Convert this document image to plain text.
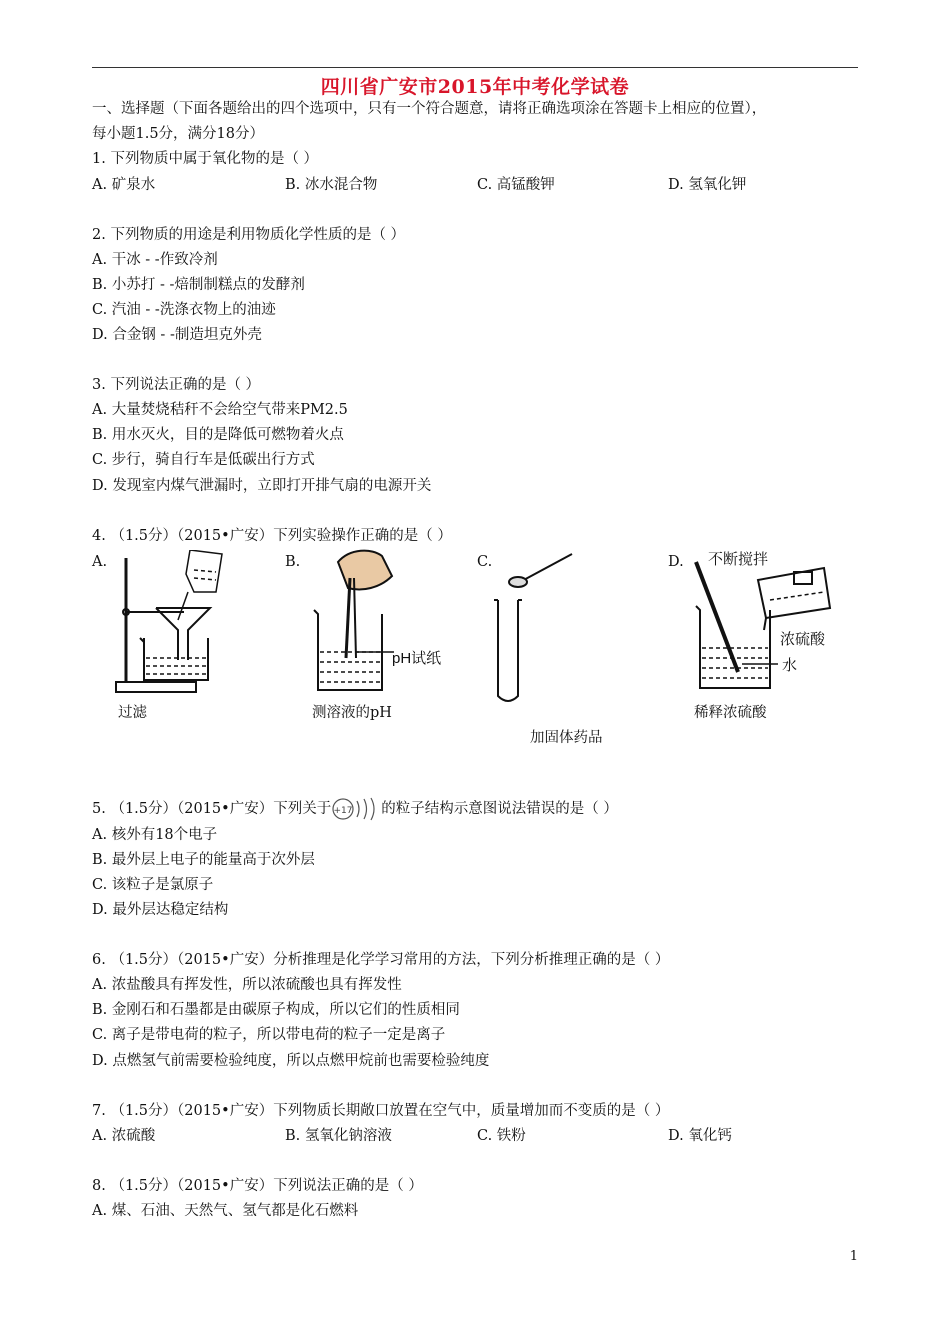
四川省广安市2015年中考化学试卷
一、选择题（下面各题给出的四个选项中，只有一个符合题意，请将正确选项涂在答题卡上相应的位置），
每小题1.5分，满分18分）
1. 下列物质中属于氧化物的是（ ）
A. 矿泉水	B. 冰水混合物	C. 高锰酸钾	D. 氢氧化钾
2. 下列物质的用途是利用物质化学性质的是（ ）
A. 干冰 - -作致冷剂
B. 小苏打 - -焙制制糕点的发酵剂
C. 汽油 - -洗涤衣物上的油迹
D. 合金钢 - -制造坦克外壳
3. 下列说法正确的是（ ）
A. 大量焚烧秸秆不会给空气带来PM2.5
B. 用水灭火，目的是降低可燃物着火点
C. 步行，骑自行车是低碳出行方式
D. 发现室内煤气泄漏时，立即打开排气扇的电源开关
4. （1.5分）（2015•广安）下列实验操作正确的是（ ）
A.	B.	C.	D.
过滤
pH试纸
测溶液的pH
加固体药品
不断搅拌
浓硫酸
水
稀释浓硫酸
5. （1.5分）（2015•广安）下列关于 +17 的粒子结构示意图说法错误的是（ ）
A. 核外有18个电子
B. 最外层上电子的能量高于次外层
C. 该粒子是氯原子
D. 最外层达稳定结构
6. （1.5分）（2015•广安）分析推理是化学学习常用的方法，下列分析推理正确的是（ ）
A. 浓盐酸具有挥发性，所以浓硫酸也具有挥发性
B. 金刚石和石墨都是由碳原子构成，所以它们的性质相同
C. 离子是带电荷的粒子，所以带电荷的粒子一定是离子
D. 点燃氢气前需要检验纯度，所以点燃甲烷前也需要检验纯度
7. （1.5分）（2015•广安）下列物质长期敞口放置在空气中，质量增加而不变质的是（ ）
A. 浓硫酸	B. 氢氧化钠溶液	C. 铁粉	D. 氧化钙
8. （1.5分）（2015•广安）下列说法正确的是（ ）
A. 煤、石油、天然气、氢气都是化石燃料
1
